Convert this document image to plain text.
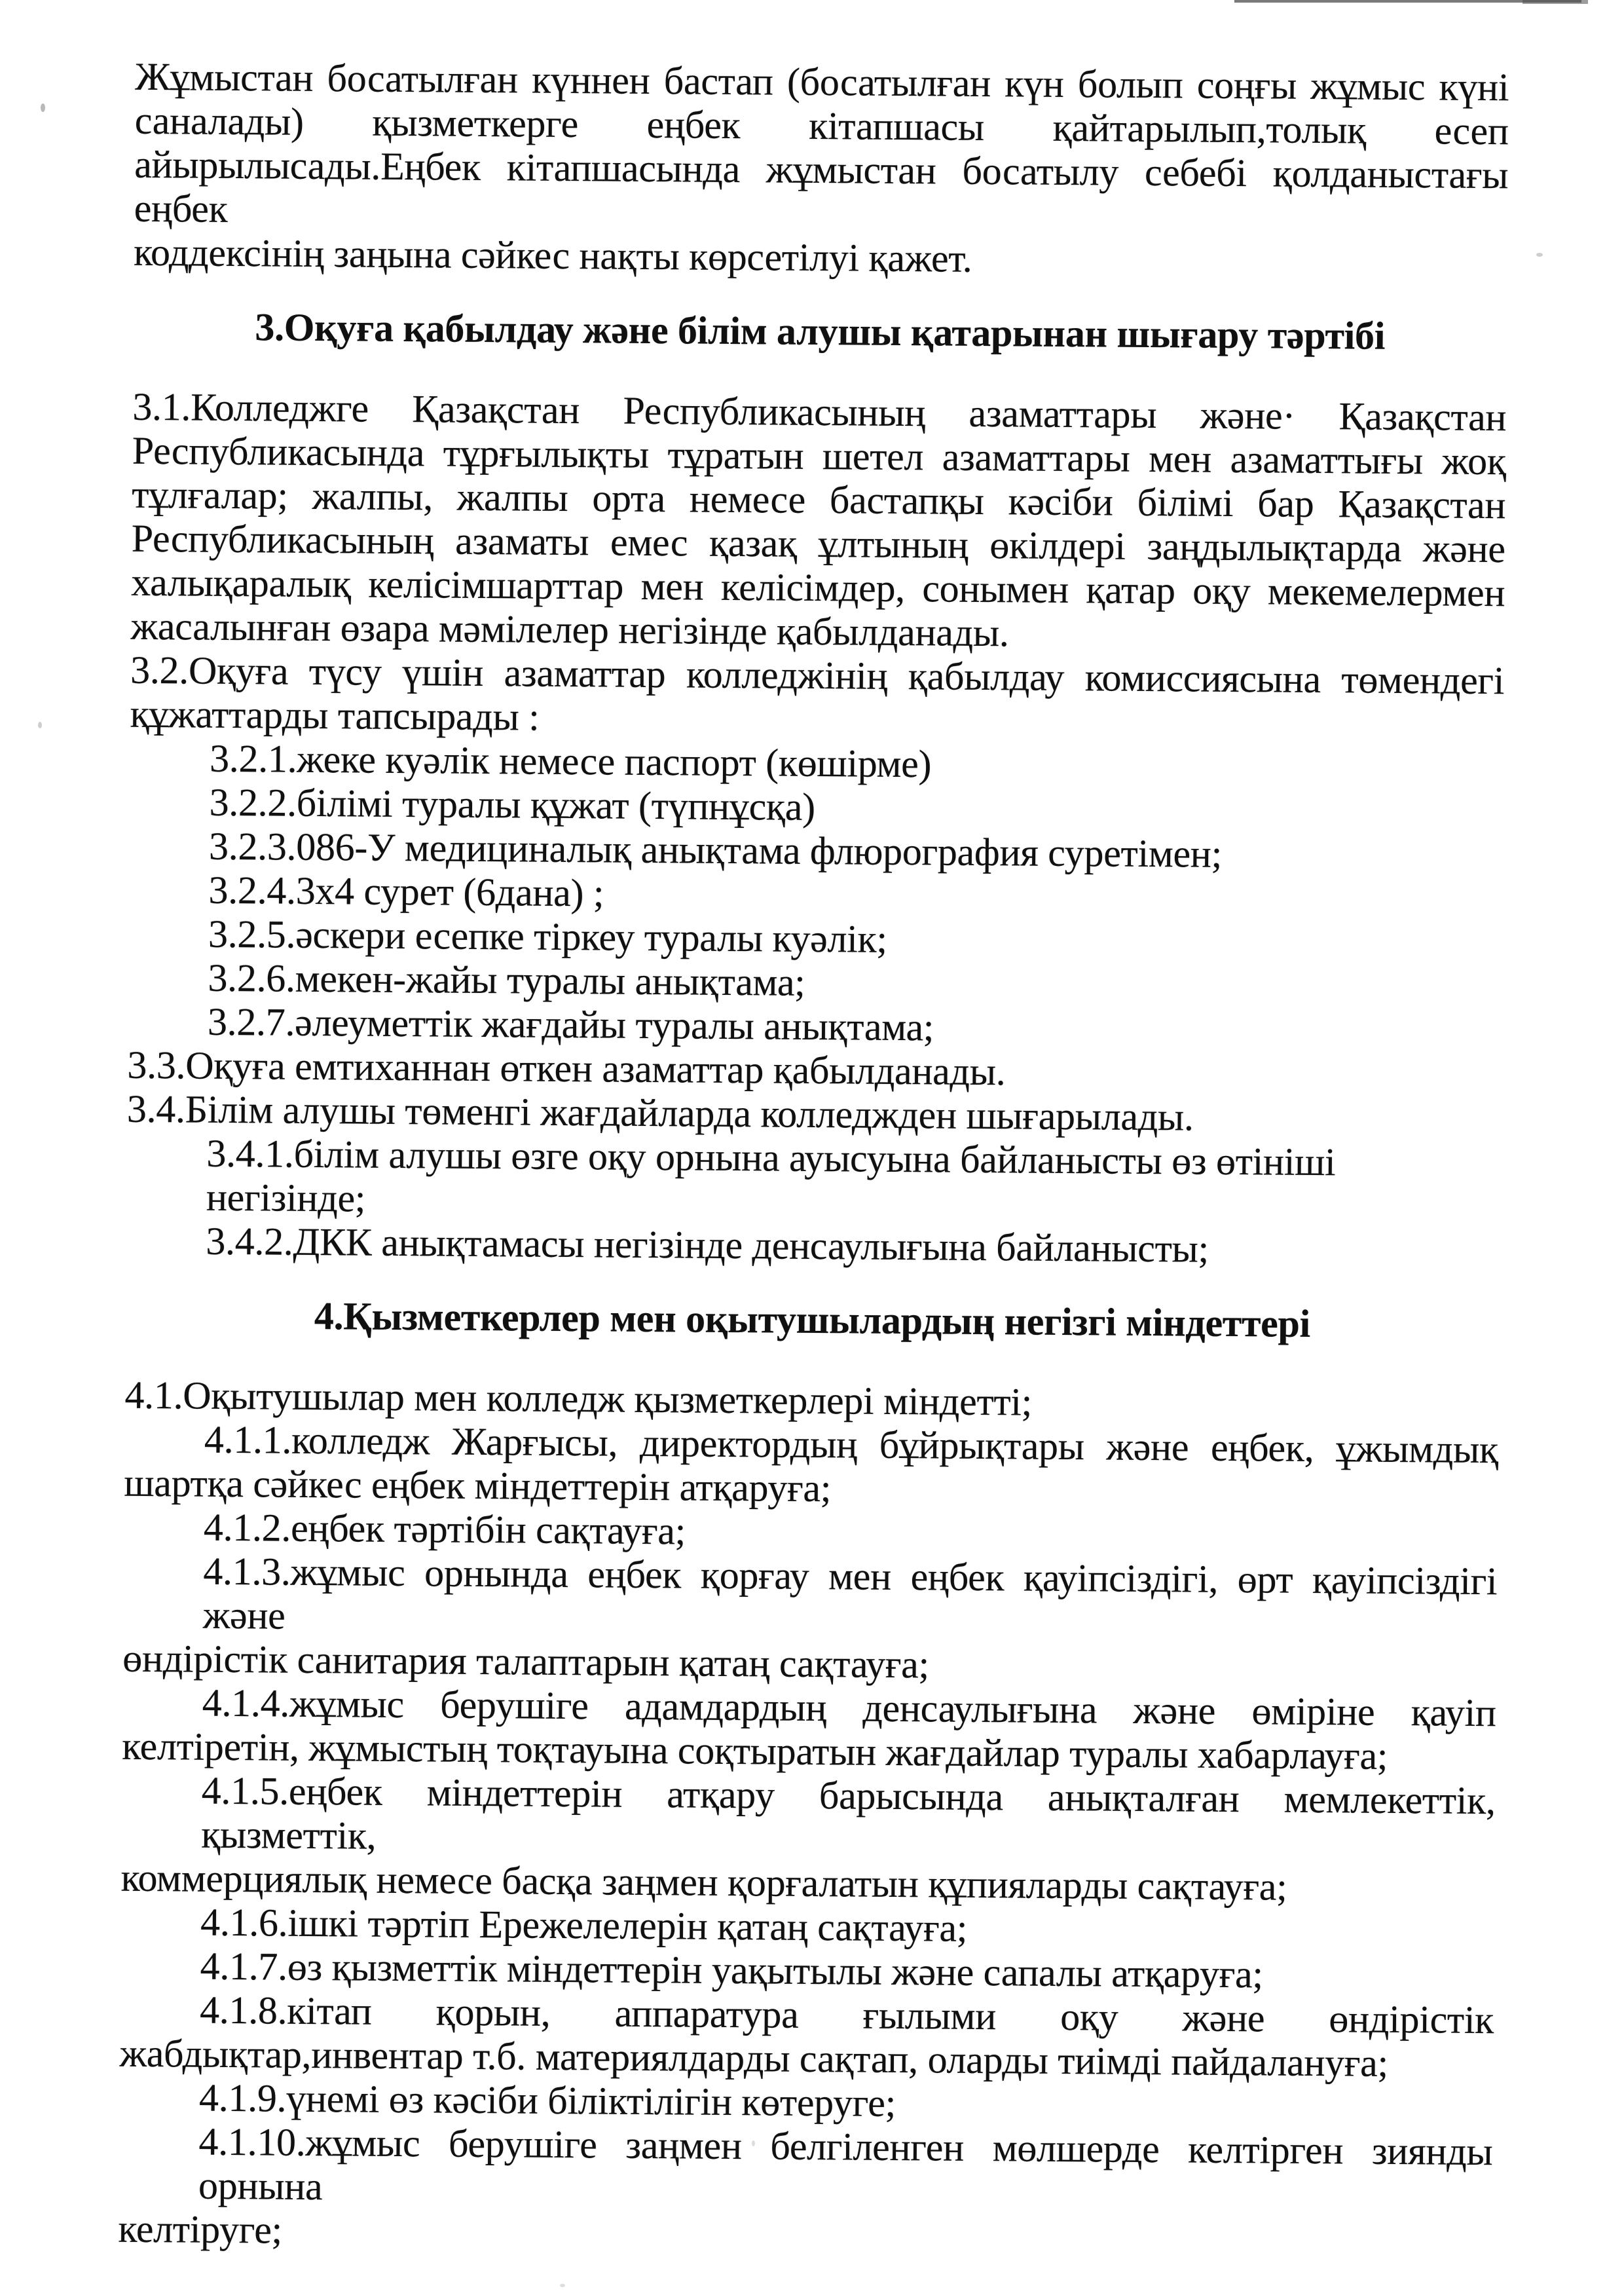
Жұмыстан босатылған күннен бастап (босатылған күн болып соңғы жұмыс күні
саналады) қызметкерге еңбек кітапшасы қайтарылып,толық есеп
айырылысады.Еңбек кітапшасында жұмыстан босатылу себебі қолданыстағы еңбек
коддексінің заңына сәйкес нақты көрсетілуі қажет.
3.Оқуға қабылдау және білім алушы қатарынан шығару тәртібі
3.1.Колледжге Қазақстан Республикасының азаматтары және· Қазақстан
Республикасында тұрғылықты тұратын шетел азаматтары мен азаматтығы жоқ
тұлғалар; жалпы, жалпы орта немесе бастапқы кәсіби білімі бар Қазақстан
Республикасының азаматы емес қазақ ұлтының өкілдері заңдылықтарда және
халықаралық келісімшарттар мен келісімдер, сонымен қатар оқу мекемелермен
жасалынған өзара мәмілелер негізінде қабылданады.
3.2.Оқуға түсу үшін азаматтар колледжінің қабылдау комиссиясына төмендегі
құжаттарды тапсырады :
3.2.1.жеке куәлік немесе паспорт (көшірме)
3.2.2.білімі туралы құжат (түпнұсқа)
3.2.3.086-У медициналық анықтама флюрография суретімен;
3.2.4.3х4 сурет (6дана) ;
3.2.5.әскери есепке тіркеу туралы куәлік;
3.2.6.мекен-жайы туралы анықтама;
3.2.7.әлеуметтік жағдайы туралы анықтама;
3.3.Оқуға емтиханнан өткен азаматтар қабылданады.
3.4.Білім алушы төменгі жағдайларда колледжден шығарылады.
3.4.1.білім алушы өзге оқу орнына ауысуына байланысты өз өтініші негізінде;
3.4.2.ДКК анықтамасы негізінде денсаулығына байланысты;
4.Қызметкерлер мен оқытушылардың негізгі міндеттері
4.1.Оқытушылар мен колледж қызметкерлері міндетті;
4.1.1.колледж Жарғысы, директордың бұйрықтары және еңбек, ұжымдық
шартқа сәйкес еңбек міндеттерін атқаруға;
4.1.2.еңбек тәртібін сақтауға;
4.1.3.жұмыс орнында еңбек қорғау мен еңбек қауіпсіздігі, өрт қауіпсіздігі және
өндірістік санитария талаптарын қатаң сақтауға;
4.1.4.жұмыс берушіге адамдардың денсаулығына және өміріне қауіп
келтіретін, жұмыстың тоқтауына соқтыратын жағдайлар туралы хабарлауға;
4.1.5.еңбек міндеттерін атқару барысында анықталған мемлекеттік, қызметтік,
коммерциялық немесе басқа заңмен қорғалатын құпияларды сақтауға;
4.1.6.ішкі тәртіп Ережелелерін қатаң сақтауға;
4.1.7.өз қызметтік міндеттерін уақытылы және сапалы атқаруға;
4.1.8.кітап қорын, аппаратура ғылыми оқу және өндірістік
жабдықтар,инвентар т.б. материялдарды сақтап, оларды тиімді пайдалануға;
4.1.9.үнемі өз кәсіби біліктілігін көтеруге;
4.1.10.жұмыс берушіге заңмен белгіленген мөлшерде келтірген зиянды орнына
келтіруге;
